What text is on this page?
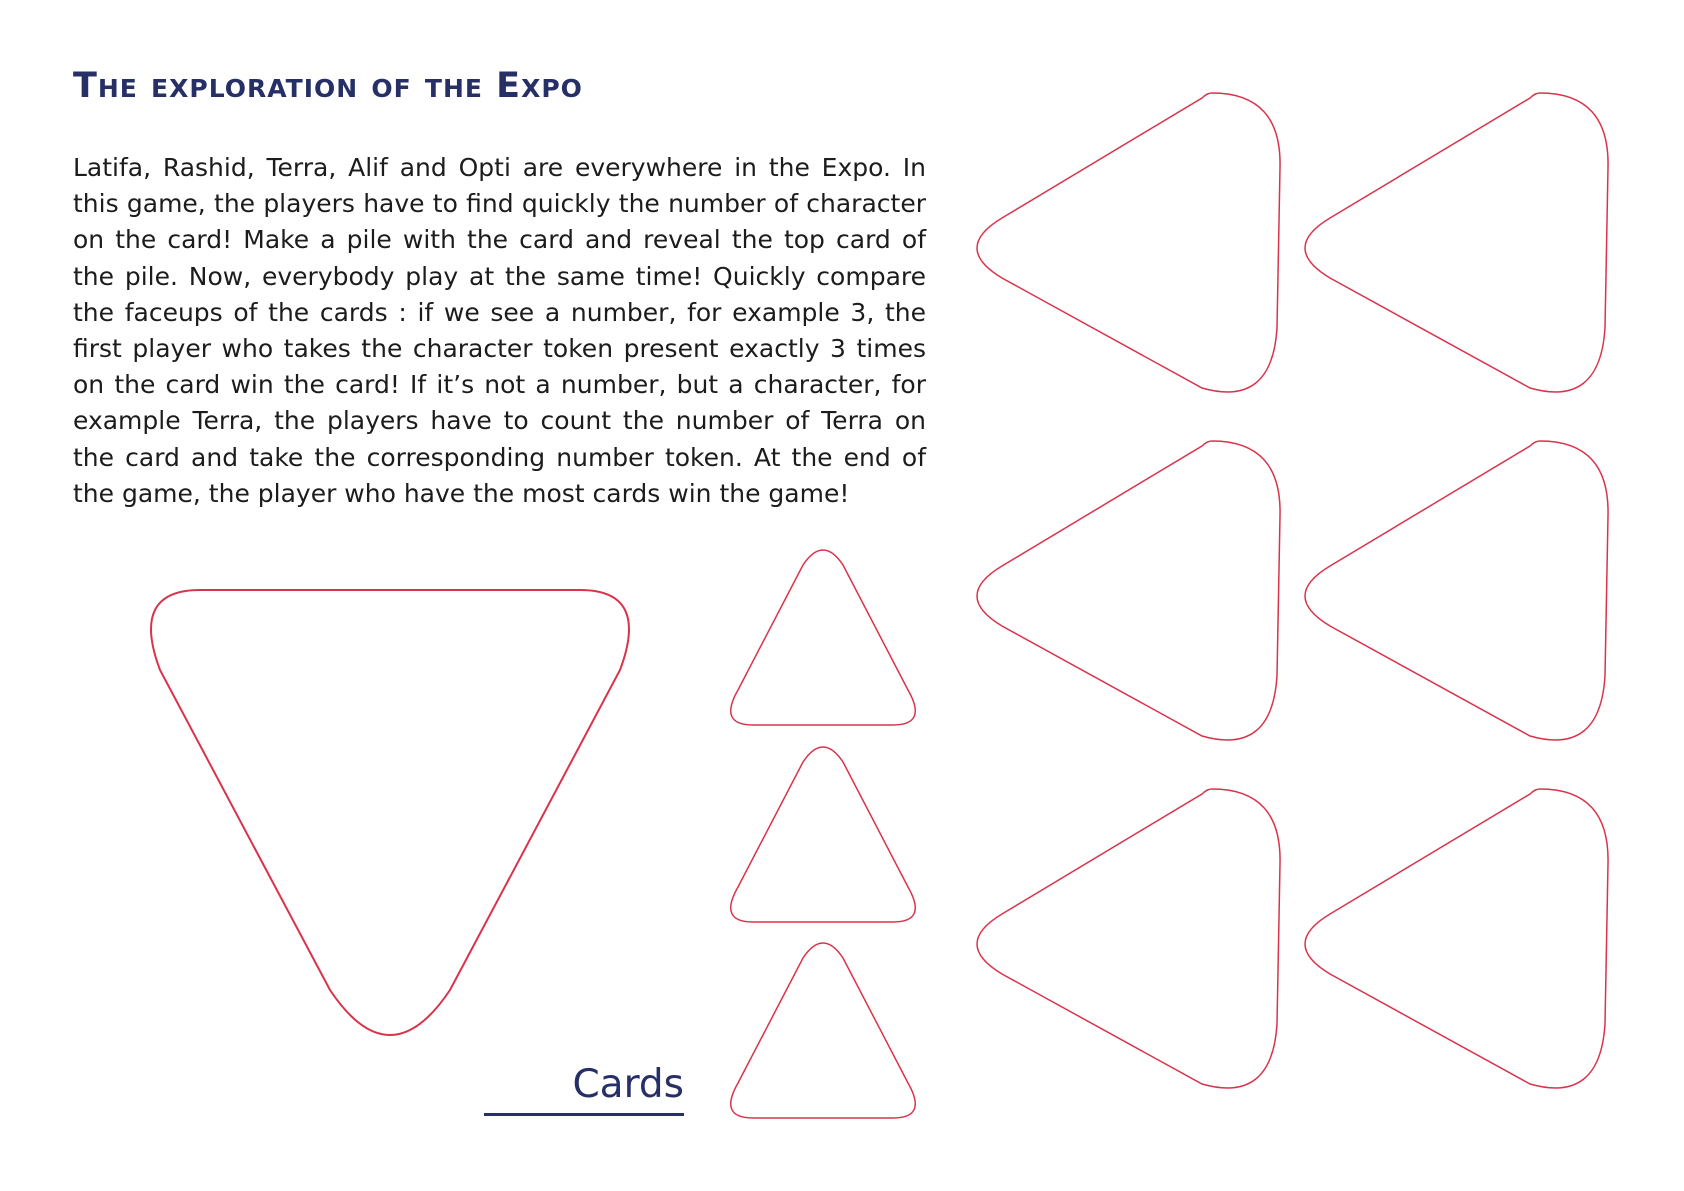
The exploration of the Expo

Latifa, Rashid, Terra, Alif and Opti are everywhere in the Expo. In this game, the players have to find quickly the number of character on the card! Make a pile with the card and reveal the top card of the pile. Now, everybody play at the same time! Quickly compare the faceups of the cards : if we see a number, for example 3, the first player who takes the character token present exactly 3 times on the card win the card! If it’s not a number, but a character, for example Terra, the players have to count the number of Terra on the card and take the corresponding number token. At the end of the game, the player who have the most cards win the game!

Cards
